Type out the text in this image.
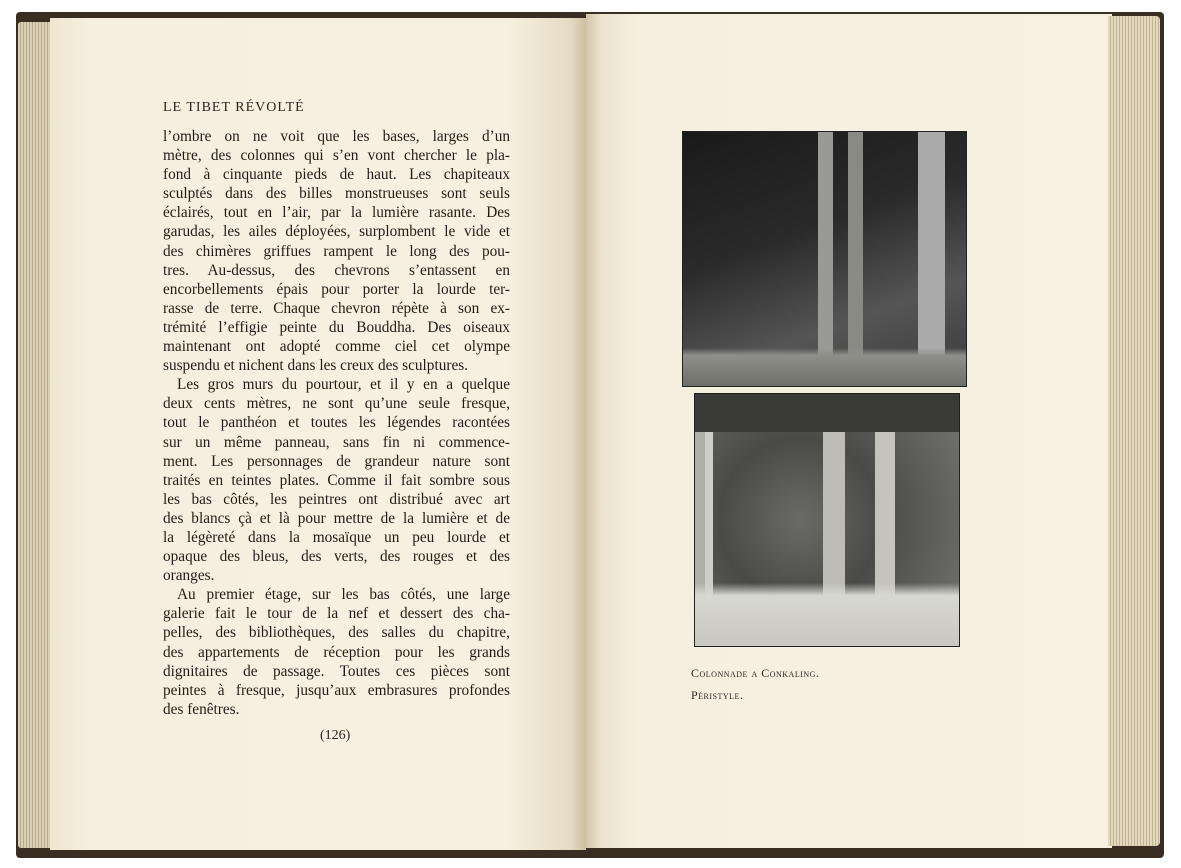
LE TIBET RÉVOLTÉ
l’ombre on ne voit que les bases, larges d’un
mètre, des colonnes qui s’en vont chercher le pla-
fond à cinquante pieds de haut. Les chapiteaux
sculptés dans des billes monstrueuses sont seuls
éclairés, tout en l’air, par la lumière rasante. Des
garudas, les ailes déployées, surplombent le vide et
des chimères griffues rampent le long des pou-
tres. Au-dessus, des chevrons s’entassent en
encorbellements épais pour porter la lourde ter-
rasse de terre. Chaque chevron répète à son ex-
trémité l’effigie peinte du Bouddha. Des oiseaux
maintenant ont adopté comme ciel cet olympe
suspendu et nichent dans les creux des sculptures.
Les gros murs du pourtour, et il y en a quelque
deux cents mètres, ne sont qu’une seule fresque,
tout le panthéon et toutes les légendes racontées
sur un même panneau, sans fin ni commence-
ment. Les personnages de grandeur nature sont
traités en teintes plates. Comme il fait sombre sous
les bas côtés, les peintres ont distribué avec art
des blancs çà et là pour mettre de la lumière et de
la légèreté dans la mosaïque un peu lourde et
opaque des bleus, des verts, des rouges et des
oranges.
Au premier étage, sur les bas côtés, une large
galerie fait le tour de la nef et dessert des cha-
pelles, des bibliothèques, des salles du chapitre,
des appartements de réception pour les grands
dignitaires de passage. Toutes ces pièces sont
peintes à fresque, jusqu’aux embrasures profondes
des fenêtres.
(126)
Colonnade a Conkaling.
Péristyle.
